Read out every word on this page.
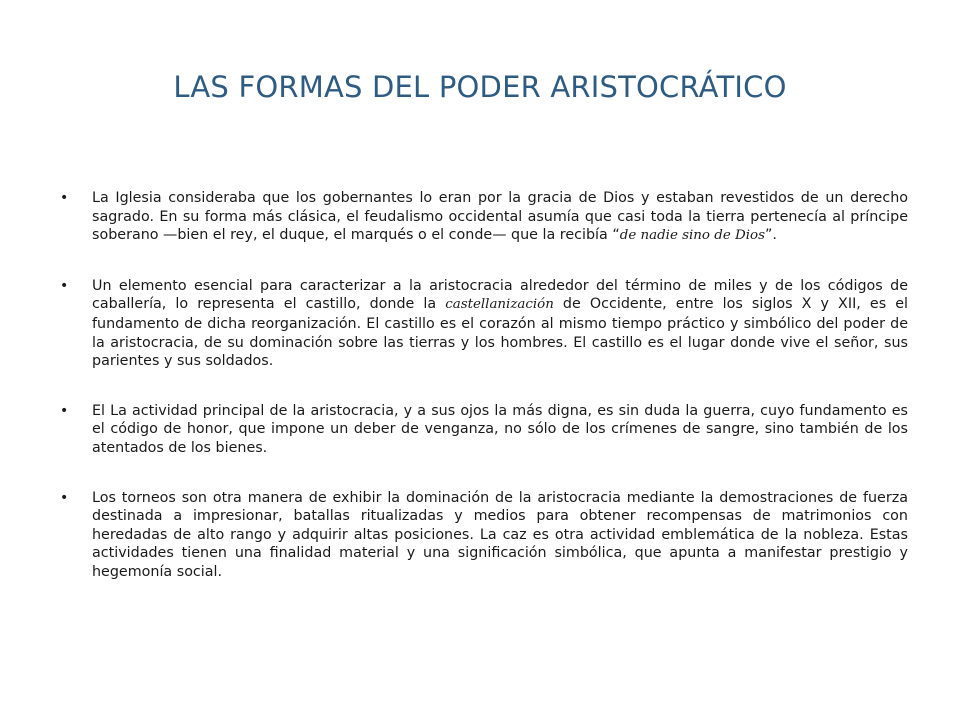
LAS FORMAS DEL PODER ARISTOCRÁTICO
• La Iglesia consideraba que los gobernantes lo eran por la gracia de Dios y estaban revestidos de un derecho sagrado. En su forma más clásica, el feudalismo occidental asumía que casi toda la tierra pertenecía al príncipe soberano —bien el rey, el duque, el marqués o el conde— que la recibía “de nadie sino de Dios”.
• Un elemento esencial para caracterizar a la aristocracia alrededor del término de miles y de los códigos de caballería, lo representa el castillo, donde la castellanización de Occidente, entre los siglos X y XII, es el fundamento de dicha reorganización. El castillo es el corazón al mismo tiempo práctico y simbólico del poder de la aristocracia, de su dominación sobre las tierras y los hombres. El castillo es el lugar donde vive el señor, sus parientes y sus soldados.
• El La actividad principal de la aristocracia, y a sus ojos la más digna, es sin duda la guerra, cuyo fundamento es el código de honor, que impone un deber de venganza, no sólo de los crímenes de sangre, sino también de los atentados de los bienes.
• Los torneos son otra manera de exhibir la dominación de la aristocracia mediante la demostraciones de fuerza destinada a impresionar, batallas ritualizadas y medios para obtener recompensas de matrimonios con heredadas de alto rango y adquirir altas posiciones. La caz es otra actividad emblemática de la nobleza. Estas actividades tienen una finalidad material y una significación simbólica, que apunta a manifestar prestigio y hegemonía social.
